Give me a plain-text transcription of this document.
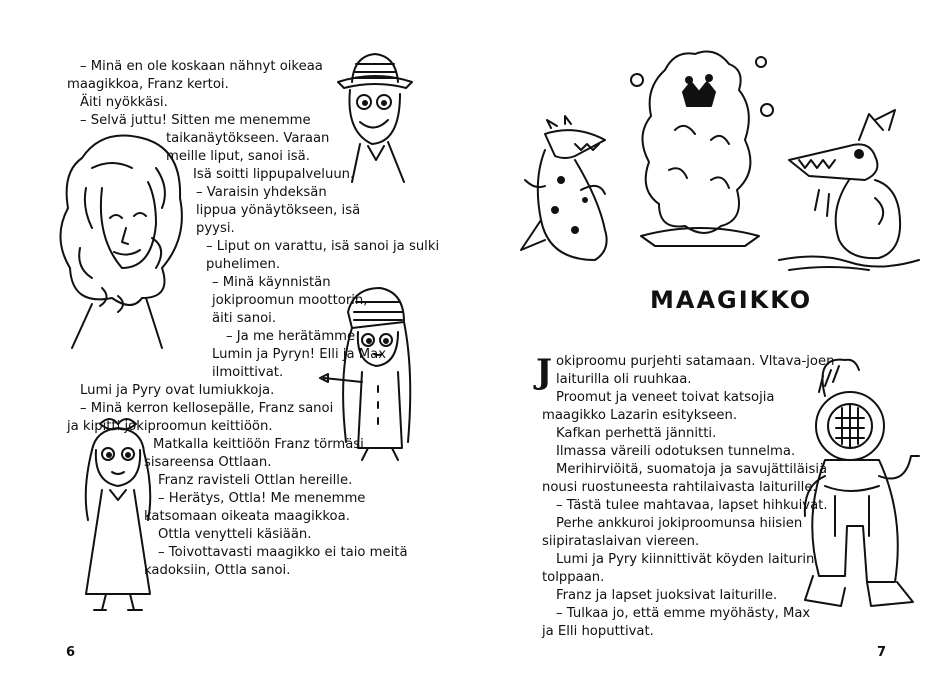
– Minä en ole koskaan nähnyt oikeaa
maagikkoa, Franz kertoi.
Äiti nyökkäsi.
– Selvä juttu! Sitten me menemme
taikanäytökseen. Varaan
meille liput, sanoi isä.
Isä soitti lippupalveluun.
– Varaisin yhdeksän
lippua yönäytökseen, isä
pyysi.
– Liput on varattu, isä sanoi ja sulki
puhelimen.
– Minä käynnistän
jokiproomun moottorin,
äiti sanoi.
– Ja me herätämme
Lumin ja Pyryn! Elli ja Max
ilmoittivat.
Lumi ja Pyry ovat lumiukkoja.
– Minä kerron kellosepälle, Franz sanoi
ja kipitti jokiproomun keittiöön.
Matkalla keittiöön Franz törmäsi
sisareensa Ottlaan.
Franz ravisteli Ottlan hereille.
– Herätys, Ottla! Me menemme
katsomaan oikeata maagikkoa.
Ottla venytteli käsiään.
– Toivottavasti maagikko ei taio meitä
kadoksiin, Ottla sanoi.
6
MAAGIKKO
J okiproomu purjehti satamaan. Vltava-joen
laiturilla oli ruuhkaa.
Proomut ja veneet toivat katsojia
maagikko Lazarin esitykseen.
Kafkan perhettä jännitti.
Ilmassa väreili odotuksen tunnelma.
Merihirviöitä, suomatoja ja savujättiläisiä
nousi ruostuneesta rahtilaivasta laiturille.
– Tästä tulee mahtavaa, lapset hihkuivat.
Perhe ankkuroi jokiproomunsa hiisien
siipirataslaivan viereen.
Lumi ja Pyry kiinnittivät köyden laiturin
tolppaan.
Franz ja lapset juoksivat laiturille.
– Tulkaa jo, että emme myöhästy, Max
ja Elli hoputtivat.
7
